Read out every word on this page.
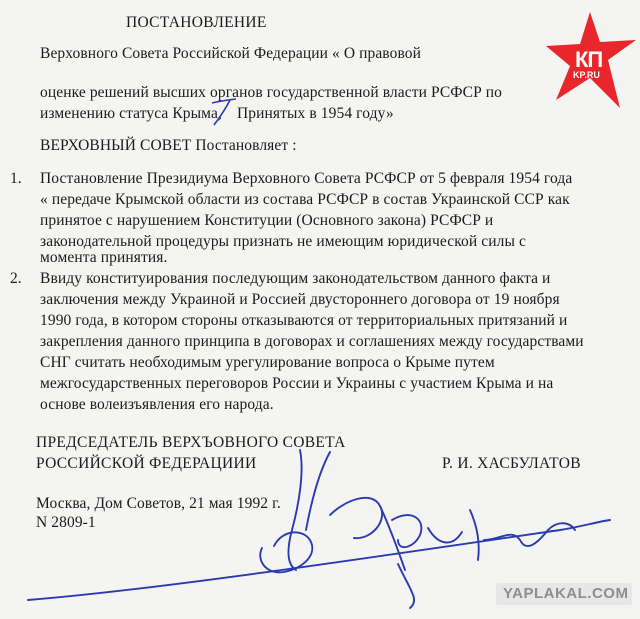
КП
KP.RU
ПОСТАНОВЛЕНИЕ
Верховного Совета Российской Федерации « О правовой
оценке решений высших органов государственной власти РСФСР по
изменению статуса Крыма, Принятых в 1954 году»
ВЕРХОВНЫЙ СОВЕТ Постановляет :
1. Постановление Президиума Верховного Совета РСФСР от 5 февраля 1954 года
« передаче Крымской области из состава РСФСР в состав Украинской ССР как
принятое с нарушением Конституции (Основного закона) РСФСР и
законодательной процедуры признать не имеющим юридической силы с
момента принятия.
2. Ввиду конституирования последующим законодательством данного факта и
заключения между Украиной и Россией двустороннего договора от 19 ноября
1990 года, в котором стороны отказываются от территориальных притязаний и
закрепления данного принципа в договорах и соглашениях между государствами
СНГ считать необходимым урегулирование вопроса о Крыме путем
межгосударственных переговоров России и Украины с участием Крыма и на
основе волеизъявления его народа.
ПРЕДСЕДАТЕЛЬ ВЕРХЪОВНОГО СОВЕТА
РОССИЙСКОЙ ФЕДЕРАЦИИИ	Р. И. ХАСБУЛАТОВ
Москва, Дом Советов, 21 мая 1992 г.
N 2809-1
YAPLAKAL.COM
